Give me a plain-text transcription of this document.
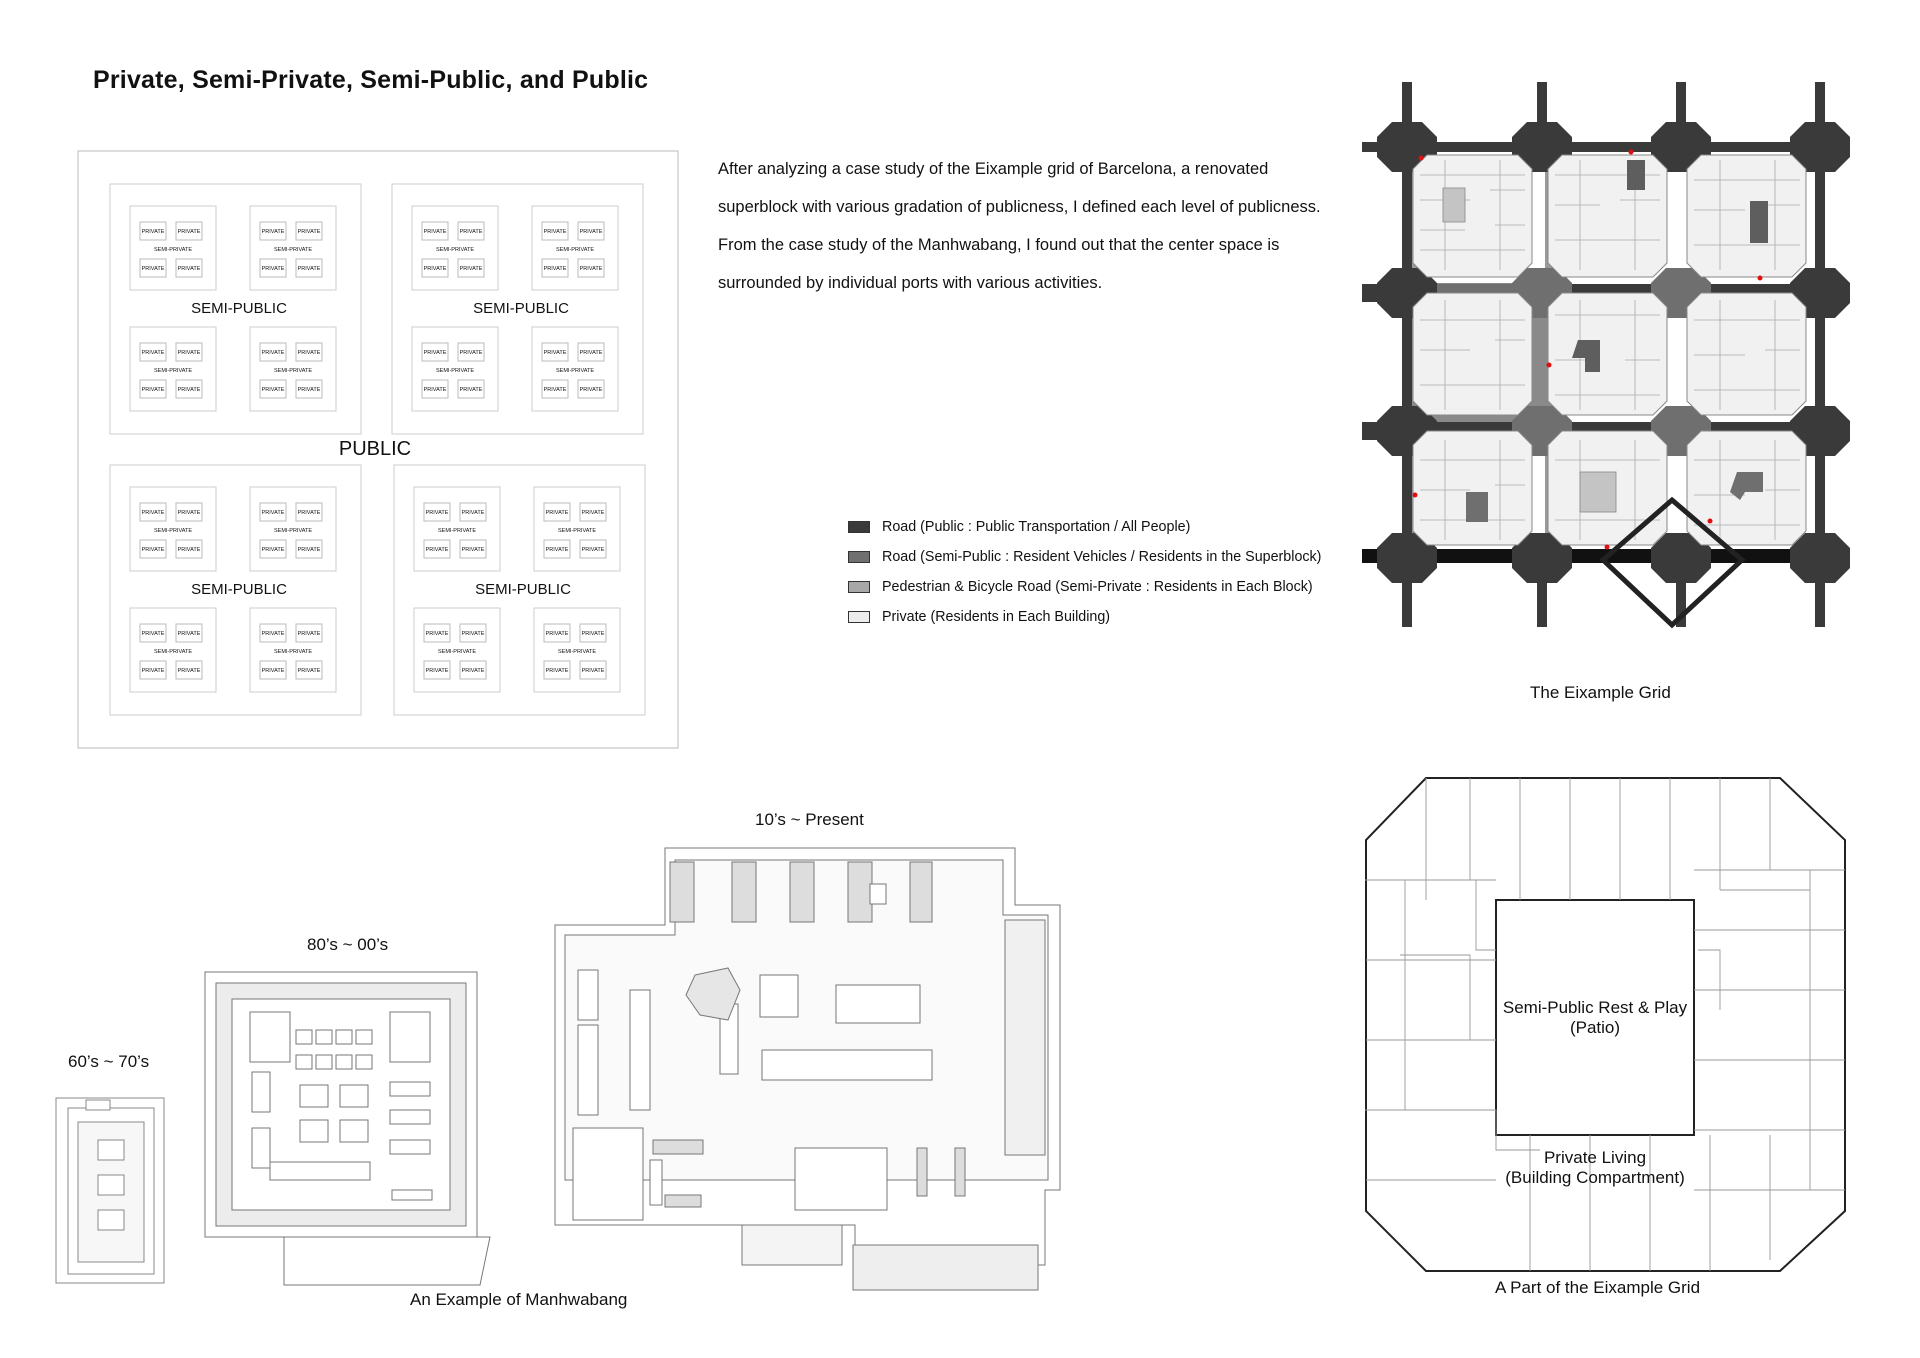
Private, Semi-Private, Semi-Public, and Public
After analyzing a case study of the Eixample grid of Barcelona, a renovated superblock with various gradation of publicness, I defined each level of publicness. From the case study of the Manhwabang, I found out that the center space is surrounded by individual ports with various activities.
PUBLIC
SEMI-PUBLIC
SEMI-PRIVATE
PRIVATE PRIVATE
PRIVATE PRIVATE
SEMI-PRIVATE
PRIVATE PRIVATE
PRIVATE PRIVATE
SEMI-PRIVATE
PRIVATE PRIVATE
PRIVATE PRIVATE
SEMI-PRIVATE
PRIVATE PRIVATE
PRIVATE PRIVATE
SEMI-PUBLIC
SEMI-PRIVATE
PRIVATE PRIVATE
PRIVATE PRIVATE
SEMI-PRIVATE
PRIVATE PRIVATE
PRIVATE PRIVATE
SEMI-PRIVATE
PRIVATE PRIVATE
PRIVATE PRIVATE
SEMI-PRIVATE
PRIVATE PRIVATE
PRIVATE PRIVATE
SEMI-PUBLIC
SEMI-PRIVATE
PRIVATE PRIVATE
PRIVATE PRIVATE
SEMI-PRIVATE
PRIVATE PRIVATE
PRIVATE PRIVATE
SEMI-PRIVATE
PRIVATE PRIVATE
PRIVATE PRIVATE
SEMI-PRIVATE
PRIVATE PRIVATE
PRIVATE PRIVATE
SEMI-PUBLIC
SEMI-PRIVATE
PRIVATE PRIVATE
PRIVATE PRIVATE
SEMI-PRIVATE
PRIVATE PRIVATE
PRIVATE PRIVATE
SEMI-PRIVATE
PRIVATE PRIVATE
PRIVATE PRIVATE
SEMI-PRIVATE
PRIVATE PRIVATE
PRIVATE PRIVATE
Road (Public : Public Transportation / All People)
Road (Semi-Public : Resident Vehicles / Residents in the Superblock)
Pedestrian & Bicycle Road (Semi-Private : Residents in Each Block)
Private (Residents in Each Building)
The Eixample Grid
Semi-Public Rest & Play
(Patio)
Private Living
(Building Compartment)
A Part of the Eixample Grid
60’s ~ 70’s
80’s ~ 00’s
10’s ~ Present
An Example of Manhwabang
